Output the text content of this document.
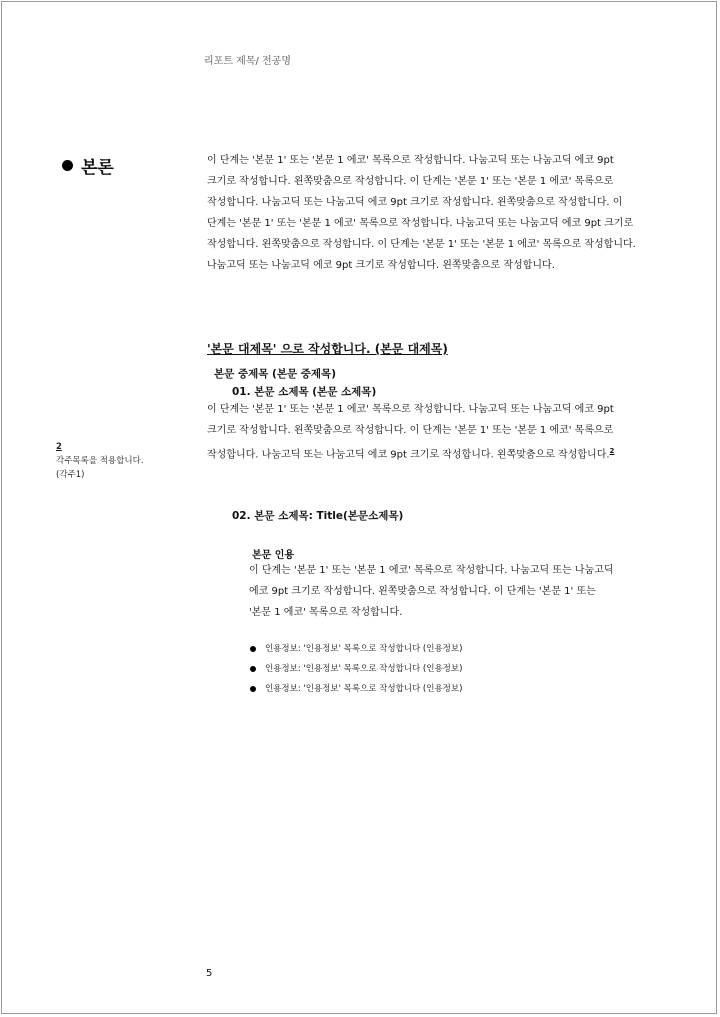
리포트 제목/ 전공명
본론	이 단계는 '본문 1' 또는 '본문 1 에코' 목록으로 작성합니다. 나눔고딕 또는 나눔고딕 에코 9pt 크기로 작성합니다. 왼쪽맞춤으로 작성합니다. 이 단계는 '본문 1' 또는 '본문 1 에코' 목록으로 작성합니다. 나눔고딕 또는 나눔고딕 에코 9pt 크기로 작성합니다. 왼쪽맞춤으로 작성합니다. 이 단계는 '본문 1' 또는 '본문 1 에코' 목록으로 작성합니다. 나눔고딕 또는 나눔고딕 에코 9pt 크기로 작성합니다. 왼쪽맞춤으로 작성합니다. 이 단계는 '본문 1' 또는 '본문 1 에코' 목록으로 작성합니다. 나눔고딕 또는 나눔고딕 에코 9pt 크기로 작성합니다. 왼쪽맞춤으로 작성합니다.
'본문 대제목' 으로 작성합니다. (본문 대제목)
본문 중제목 (본문 중제목)
01. 본문 소제목 (본문 소제목)
이 단계는 '본문 1' 또는 '본문 1 에코' 목록으로 작성합니다. 나눔고딕 또는 나눔고딕 에코 9pt 크기로 작성합니다. 왼쪽맞춤으로 작성합니다. 이 단계는 '본문 1' 또는 '본문 1 에코' 목록으로 작성합니다. 나눔고딕 또는 나눔고딕 에코 9pt 크기로 작성합니다. 왼쪽맞춤으로 작성합니다.$^2$
2
각주목록을 적용합니다.
(각주1)
02. 본문 소제목: Title(본문소제목)
본문 인용
이 단계는 '본문 1' 또는 '본문 1 에코' 목록으로 작성합니다. 나눔고딕 또는 나눔고딕 에코 9pt 크기로 작성합니다. 왼쪽맞춤으로 작성합니다. 이 단계는 '본문 1' 또는 '본문 1 에코' 목록으로 작성합니다.
인용정보: '인용정보' 목록으로 작성합니다 (인용정보)
인용정보: '인용정보' 목록으로 작성합니다 (인용정보)
인용정보: '인용정보' 목록으로 작성합니다 (인용정보)
5
